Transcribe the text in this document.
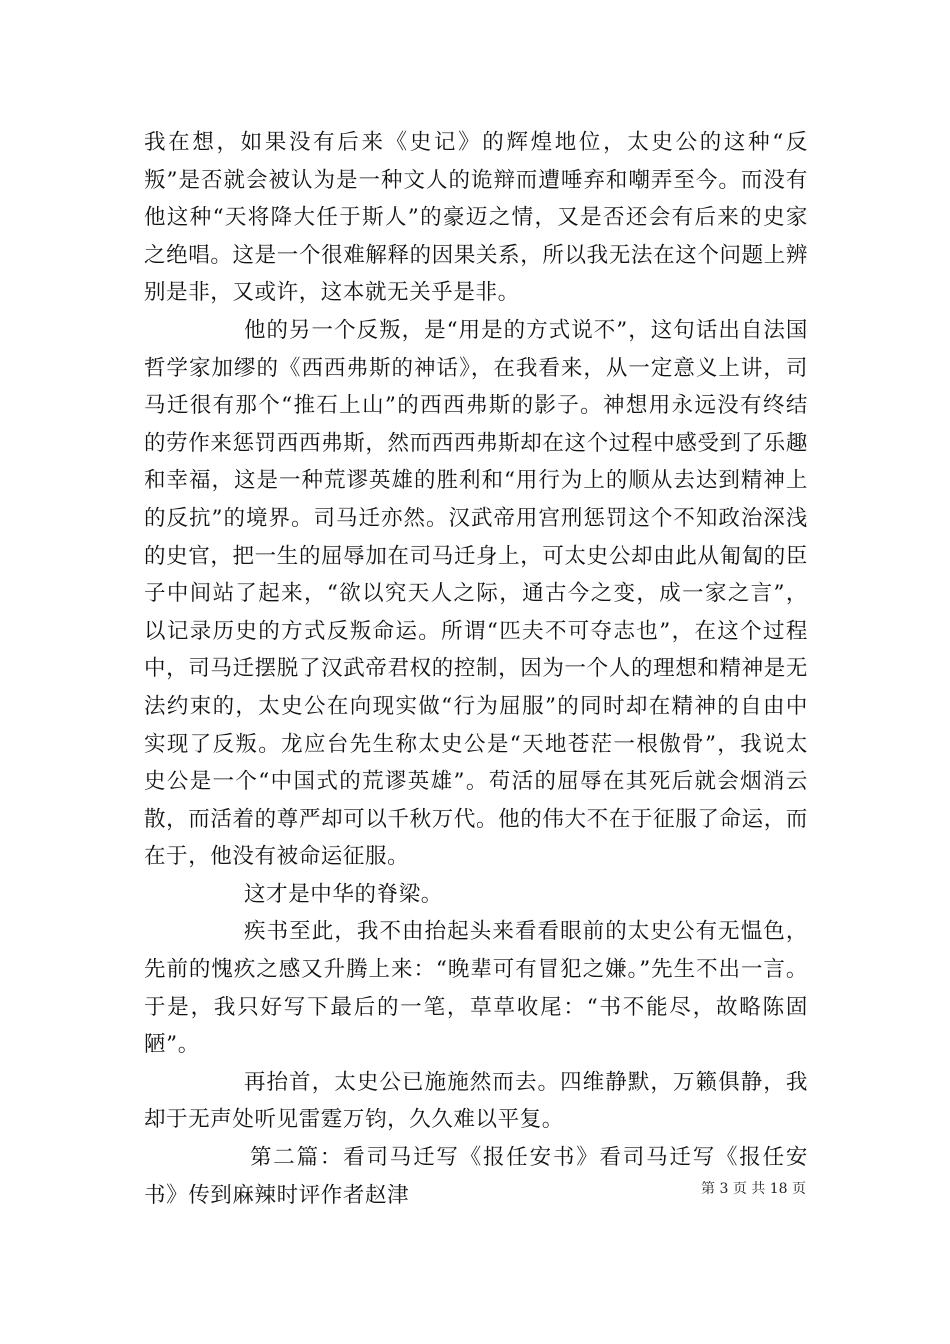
我在想，如果没有后来《史记》的辉煌地位，太史公的这种“反叛”是否就会被认为是一种文人的诡辩而遭唾弃和嘲弄至今。而没有他这种“天将降大任于斯人”的豪迈之情，又是否还会有后来的史家之绝唱。这是一个很难解释的因果关系，所以我无法在这个问题上辨别是非，又或许，这本就无关乎是非。

他的另一个反叛，是“用是的方式说不”，这句话出自法国哲学家加缪的《西西弗斯的神话》，在我看来，从一定意义上讲，司马迁很有那个“推石上山”的西西弗斯的影子。神想用永远没有终结的劳作来惩罚西西弗斯，然而西西弗斯却在这个过程中感受到了乐趣和幸福，这是一种荒谬英雄的胜利和“用行为上的顺从去达到精神上的反抗”的境界。司马迁亦然。汉武帝用宫刑惩罚这个不知政治深浅的史官，把一生的屈辱加在司马迁身上，可太史公却由此从匍匐的臣子中间站了起来，“欲以究天人之际，通古今之变，成一家之言”，以记录历史的方式反叛命运。所谓“匹夫不可夺志也”，在这个过程中，司马迁摆脱了汉武帝君权的控制，因为一个人的理想和精神是无法约束的，太史公在向现实做“行为屈服”的同时却在精神的自由中实现了反叛。龙应台先生称太史公是“天地苍茫一根傲骨”，我说太史公是一个“中国式的荒谬英雄”。苟活的屈辱在其死后就会烟消云散，而活着的尊严却可以千秋万代。他的伟大不在于征服了命运，而在于，他没有被命运征服。

这才是中华的脊梁。

疾书至此，我不由抬起头来看看眼前的太史公有无愠色，先前的愧疚之感又升腾上来：“晚辈可有冒犯之嫌。”先生不出一言。于是，我只好写下最后的一笔，草草收尾：“书不能尽，故略陈固陋”。

再抬首，太史公已施施然而去。四维静默，万籁俱静，我却于无声处听见雷霆万钧，久久难以平复。

第二篇：看司马迁写《报任安书》看司马迁写《报任安书》传到麻辣时评作者赵津	第 3 页 共 18 页
